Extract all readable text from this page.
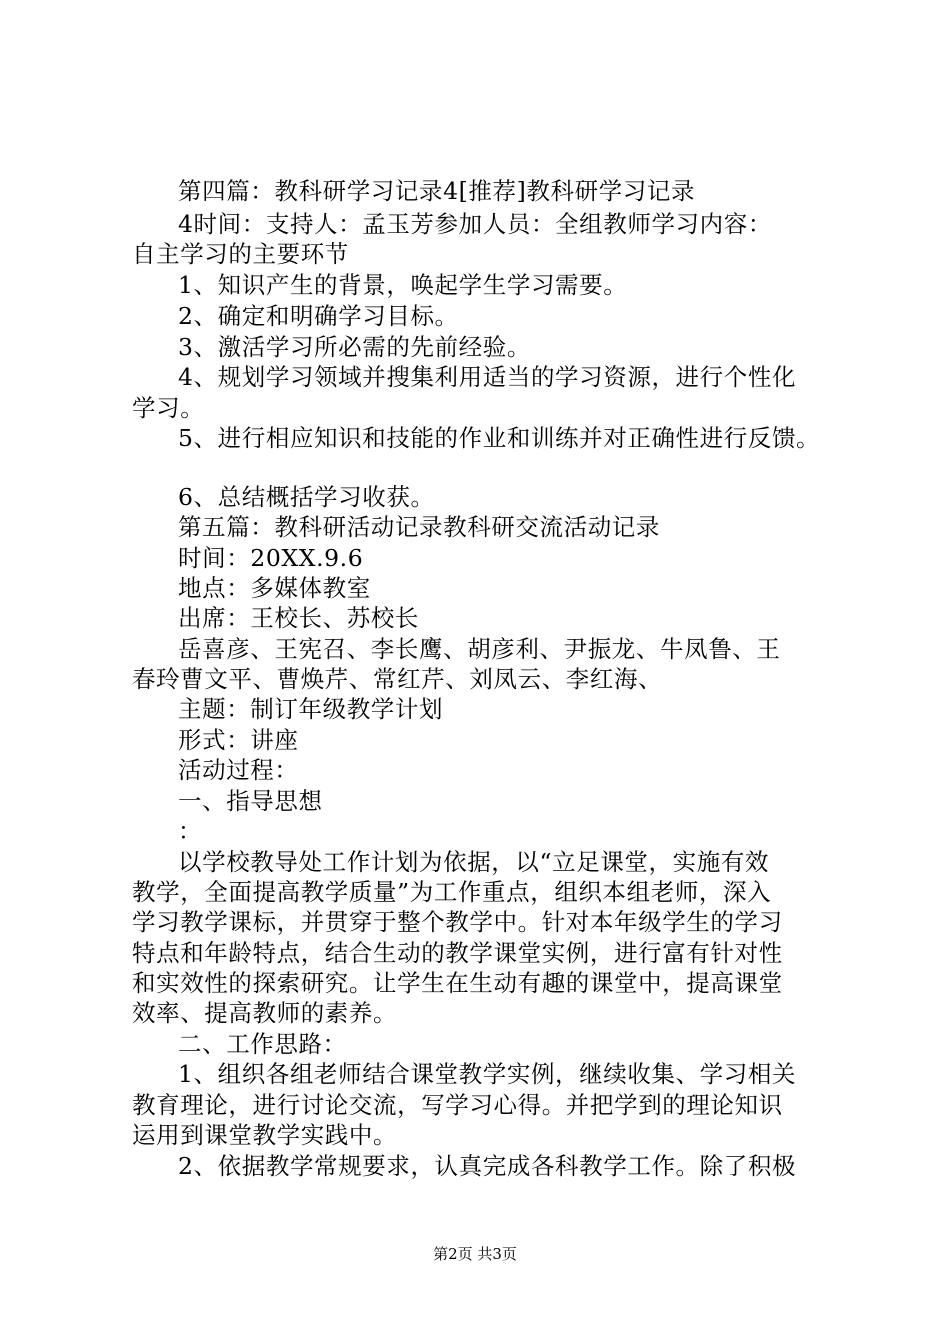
第四篇：教科研学习记录4[推荐]教科研学习记录
4时间：支持人：孟玉芳参加人员：全组教师学习内容：
自主学习的主要环节
1、知识产生的背景，唤起学生学习需要。
2、确定和明确学习目标。
3、激活学习所必需的先前经验。
4、规划学习领域并搜集利用适当的学习资源，进行个性化
学习。
5、进行相应知识和技能的作业和训练并对正确性进行反馈。
6、总结概括学习收获。
第五篇：教科研活动记录教科研交流活动记录
时间：20XX.9.6
地点：多媒体教室
出席：王校长、苏校长
岳喜彦、王宪召、李长鹰、胡彦利、尹振龙、牛凤鲁、王
春玲曹文平、曹焕芹、常红芹、刘凤云、李红海、
主题：制订年级教学计划
形式：讲座
活动过程：
一、指导思想
：
以学校教导处工作计划为依据，以“立足课堂，实施有效
教学，全面提高教学质量”为工作重点，组织本组老师，深入
学习教学课标，并贯穿于整个教学中。针对本年级学生的学习
特点和年龄特点，结合生动的教学课堂实例，进行富有针对性
和实效性的探索研究。让学生在生动有趣的课堂中，提高课堂
效率、提高教师的素养。
二、工作思路：
1、组织各组老师结合课堂教学实例，继续收集、学习相关
教育理论，进行讨论交流，写学习心得。并把学到的理论知识
运用到课堂教学实践中。
2、依据教学常规要求，认真完成各科教学工作。除了积极
第2页 共3页
